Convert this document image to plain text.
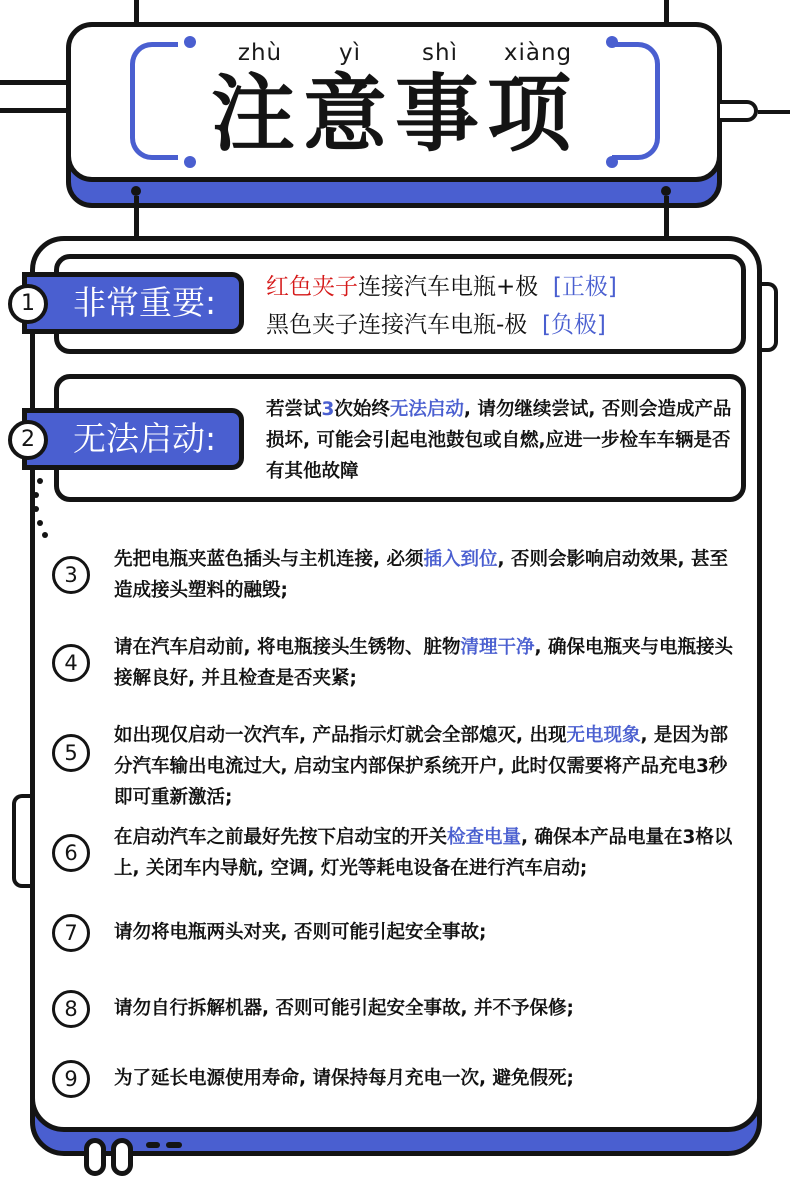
zhù	yì	shì	xiàng
注意事项
非常重要:
1
红色夹子连接汽车电瓶+极 [正极]
黑色夹子连接汽车电瓶-极 [负极]
无法启动:
2
若尝试3次始终无法启动, 请勿继续尝试, 否则会造成产品损坏, 可能会引起电池鼓包或自燃,应进一步检车车辆是否有其他故障
3
先把电瓶夹蓝色插头与主机连接, 必须插入到位, 否则会影响启动效果, 甚至造成接头塑料的融毁;
4
请在汽车启动前, 将电瓶接头生锈物、脏物清理干净, 确保电瓶夹与电瓶接头接解良好, 并且检查是否夹紧;
5
如出现仅启动一次汽车, 产品指示灯就会全部熄灭, 出现无电现象, 是因为部分汽车输出电流过大, 启动宝内部保护系统开户, 此时仅需要将产品充电3秒即可重新激活;
6
在启动汽车之前最好先按下启动宝的开关检查电量, 确保本产品电量在3格以上, 关闭车内导航, 空调, 灯光等耗电设备在进行汽车启动;
7	请勿将电瓶两头对夹, 否则可能引起安全事故;
8	请勿自行拆解机器, 否则可能引起安全事故, 并不予保修;
9	为了延长电源使用寿命, 请保持每月充电一次, 避免假死;
